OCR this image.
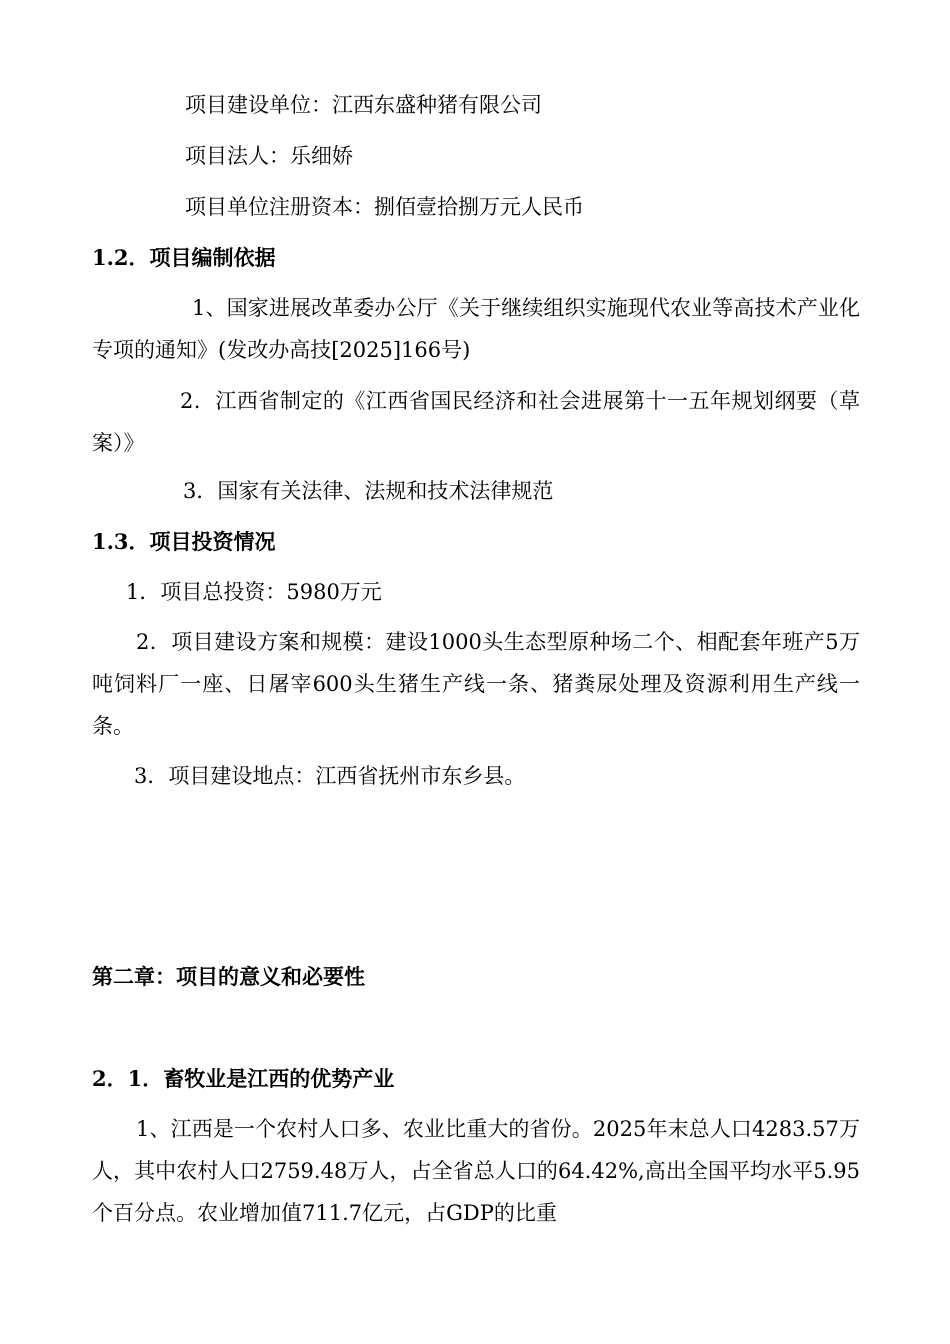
项目建设单位：江西东盛种猪有限公司
项目法人：乐细娇
项目单位注册资本：捌佰壹拾捌万元人民币
1.2．项目编制依据
1、国家进展改革委办公厅《关于继续组织实施现代农业等高技术产业化专项的通知》(发改办高技[2025]166号)
2．江西省制定的《江西省国民经济和社会进展第十一五年规划纲要（草案）》
3．国家有关法律、法规和技术法律规范
1.3．项目投资情况
1．项目总投资：5980万元
2．项目建设方案和规模：建设1000头生态型原种场二个、相配套年班产5万吨饲料厂一座、日屠宰600头生猪生产线一条、猪粪尿处理及资源利用生产线一条。
3．项目建设地点：江西省抚州市东乡县。
第二章：项目的意义和必要性
2．1．畜牧业是江西的优势产业
1、江西是一个农村人口多、农业比重大的省份。2025年末总人口4283.57万人，其中农村人口2759.48万人，占全省总人口的64.42%,高出全国平均水平5.95个百分点。农业增加值711.7亿元，占GDP的比重
